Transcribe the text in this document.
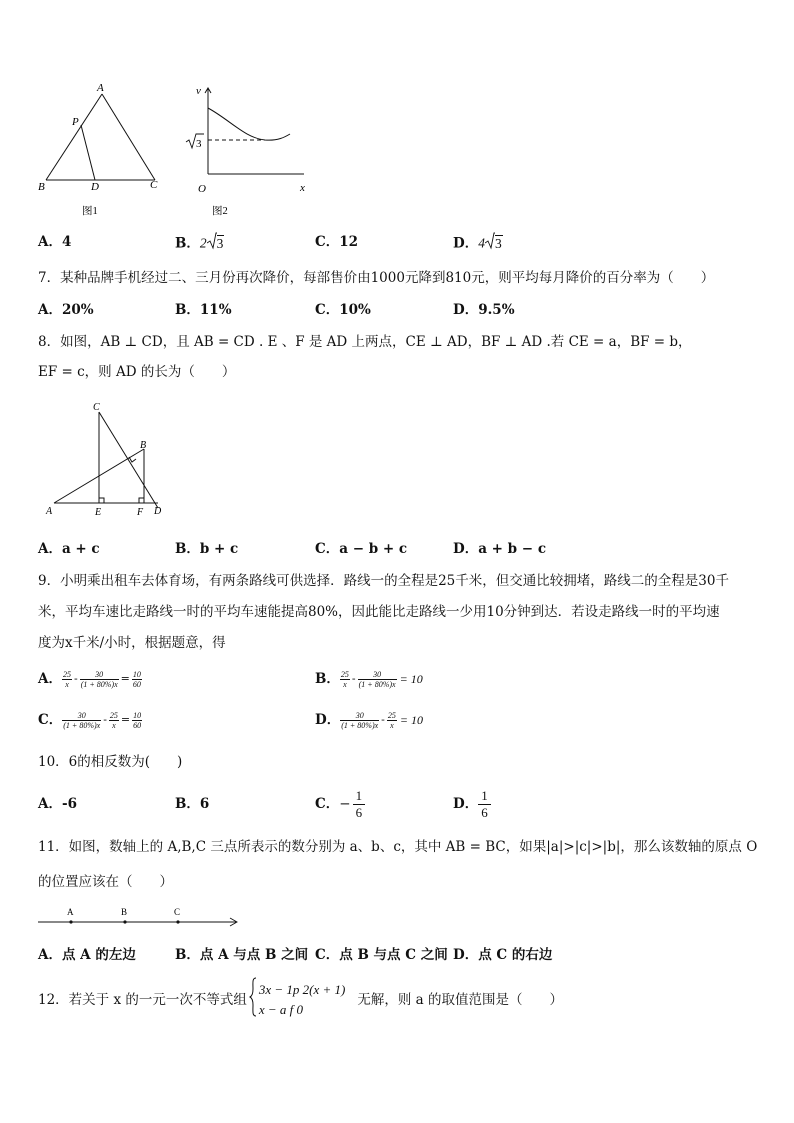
A
P
B	D	C
图1
v
3
O	x
图2
A．4	B．2 3	C．12	D．4 3
7．某种品牌手机经过二、三月份再次降价，每部售价由1000元降到810元，则平均每月降价的百分率为（　　）
A．20%	B．11%	C．10%	D．9.5%
8．如图，AB ⊥ CD，且 AB = CD . E 、F 是 AD 上两点，CE ⊥ AD，BF ⊥ AD .若 CE = a，BF = b，
EF = c，则 AD 的长为（　　）
C
B
A	E	F D
A．a + c	B．b + c	C．a − b + c	D．a + b − c
9．小明乘出租车去体育场，有两条路线可供选择．路线一的全程是25千米，但交通比较拥堵，路线二的全程是30千
米，平均车速比走路线一时的平均车速能提高80%，因此能比走路线一少用10分钟到达．若设走路线一时的平均速
度为x千米/小时，根据题意，得
A． $\frac{25}{x} - \frac{30}{(1 + 80\%)x} = \frac{10}{60}$	B． $\frac{25}{x} - \frac{30}{(1 + 80\%)x} = 10$
C． $\frac{30}{(1 + 80\%)x} - \frac{25}{x} = \frac{10}{60}$	D． $\frac{30}{(1 + 80\%)x} - \frac{25}{x} = 10$
10．6的相反数为(　　)
A．-6	B．6	C． − $\frac{1}{6}$	D． $\frac{1}{6}$
11．如图，数轴上的 A,B,C 三点所表示的数分别为 a、b、c，其中 AB = BC，如果|a|>|c|>|b|，那么该数轴的原点 O
的位置应该在（　　）
A	B	C
A．点 A 的左边	B．点 A 与点 B 之间 C．点 B 与点 C 之间 D．点 C 的右边
12．若关于 x 的一元一次不等式组
3x − 1p 2(x + 1)
x − a f 0
无解，则 a 的取值范围是（　　）
